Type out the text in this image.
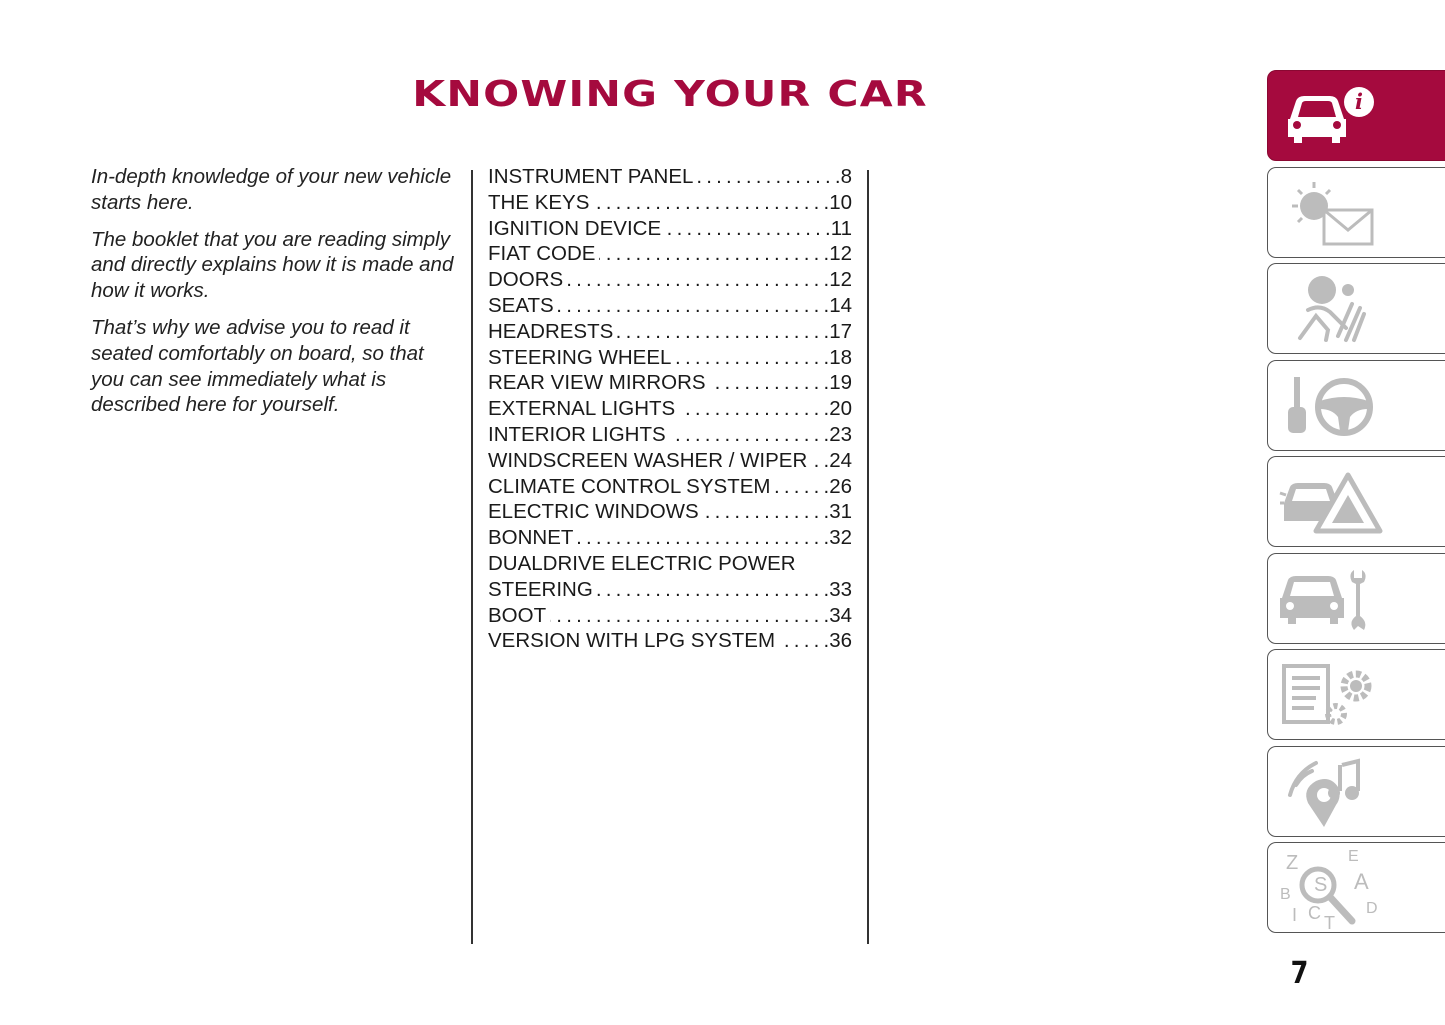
KNOWING YOUR CAR

In-depth knowledge of your new vehicle starts here.

The booklet that you are reading simply and directly explains how it is made and how it works.

That’s why we advise you to read it seated comfortably on board, so that you can see immediately what is described here for yourself.

INSTRUMENT PANEL .....	.8
THE KEYS .....	.10
IGNITION DEVICE .....	.11
FIAT CODE .....	.12
DOORS .....	.12
SEATS .....	.14
HEADRESTS .....	.17
STEERING WHEEL .....	.18
REAR VIEW MIRRORS .....	.19
EXTERNAL LIGHTS .....	.20
INTERIOR LIGHTS .....	.23
WINDSCREEN WASHER / WIPER ..... .24
CLIMATE CONTROL SYSTEM .....	.26
ELECTRIC WINDOWS .....	.31
BONNET .....	.32
DUALDRIVE ELECTRIC POWER
STEERING .....	.33
BOOT .....	.34
VERSION WITH LPG SYSTEM ..... .36
i
Z	E
A
B
I C T
D
S
7
